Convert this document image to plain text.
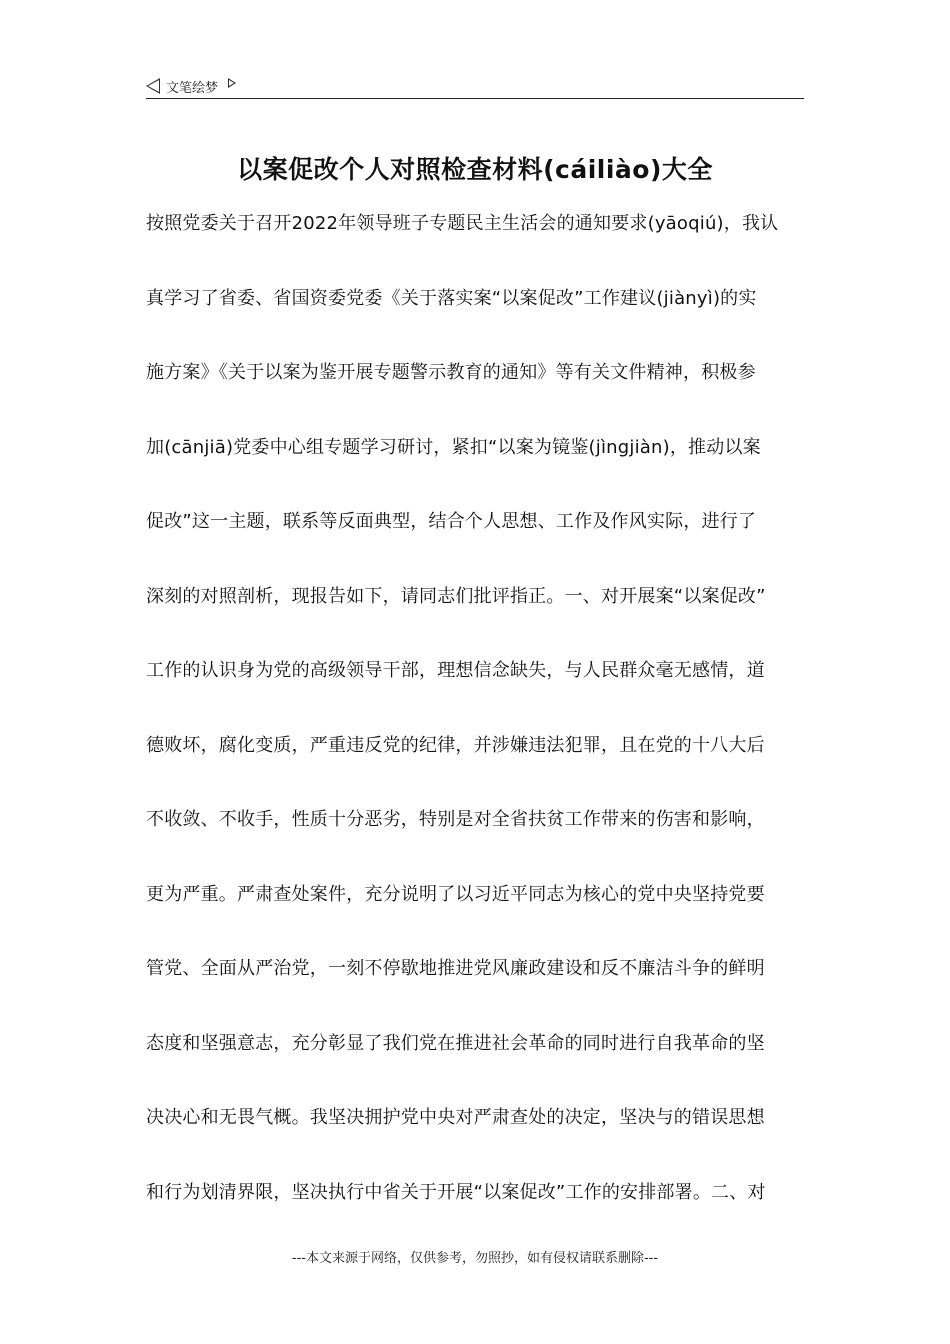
文笔绘梦
以案促改个人对照检查材料(cáiliào)大全
按照党委关于召开2022年领导班子专题民主生活会的通知要求(yāoqiú)，我认
真学习了省委、省国资委党委《关于落实案“以案促改”工作建议(jiànyì)的实
施方案》《关于以案为鉴开展专题警示教育的通知》等有关文件精神，积极参
加(cānjiā)党委中心组专题学习研讨，紧扣“以案为镜鉴(jìngjiàn)，推动以案
促改”这一主题，联系等反面典型，结合个人思想、工作及作风实际，进行了
深刻的对照剖析，现报告如下，请同志们批评指正。一、对开展案“以案促改”
工作的认识身为党的高级领导干部，理想信念缺失，与人民群众毫无感情，道
德败坏，腐化变质，严重违反党的纪律，并涉嫌违法犯罪，且在党的十八大后
不收敛、不收手，性质十分恶劣，特别是对全省扶贫工作带来的伤害和影响，
更为严重。严肃查处案件，充分说明了以习近平同志为核心的党中央坚持党要
管党、全面从严治党，一刻不停歇地推进党风廉政建设和反不廉洁斗争的鲜明
态度和坚强意志，充分彰显了我们党在推进社会革命的同时进行自我革命的坚
决决心和无畏气概。我坚决拥护党中央对严肃查处的决定，坚决与的错误思想
和行为划清界限，坚决执行中省关于开展“以案促改”工作的安排部署。二、对
---本文来源于网络，仅供参考，勿照抄，如有侵权请联系删除---
